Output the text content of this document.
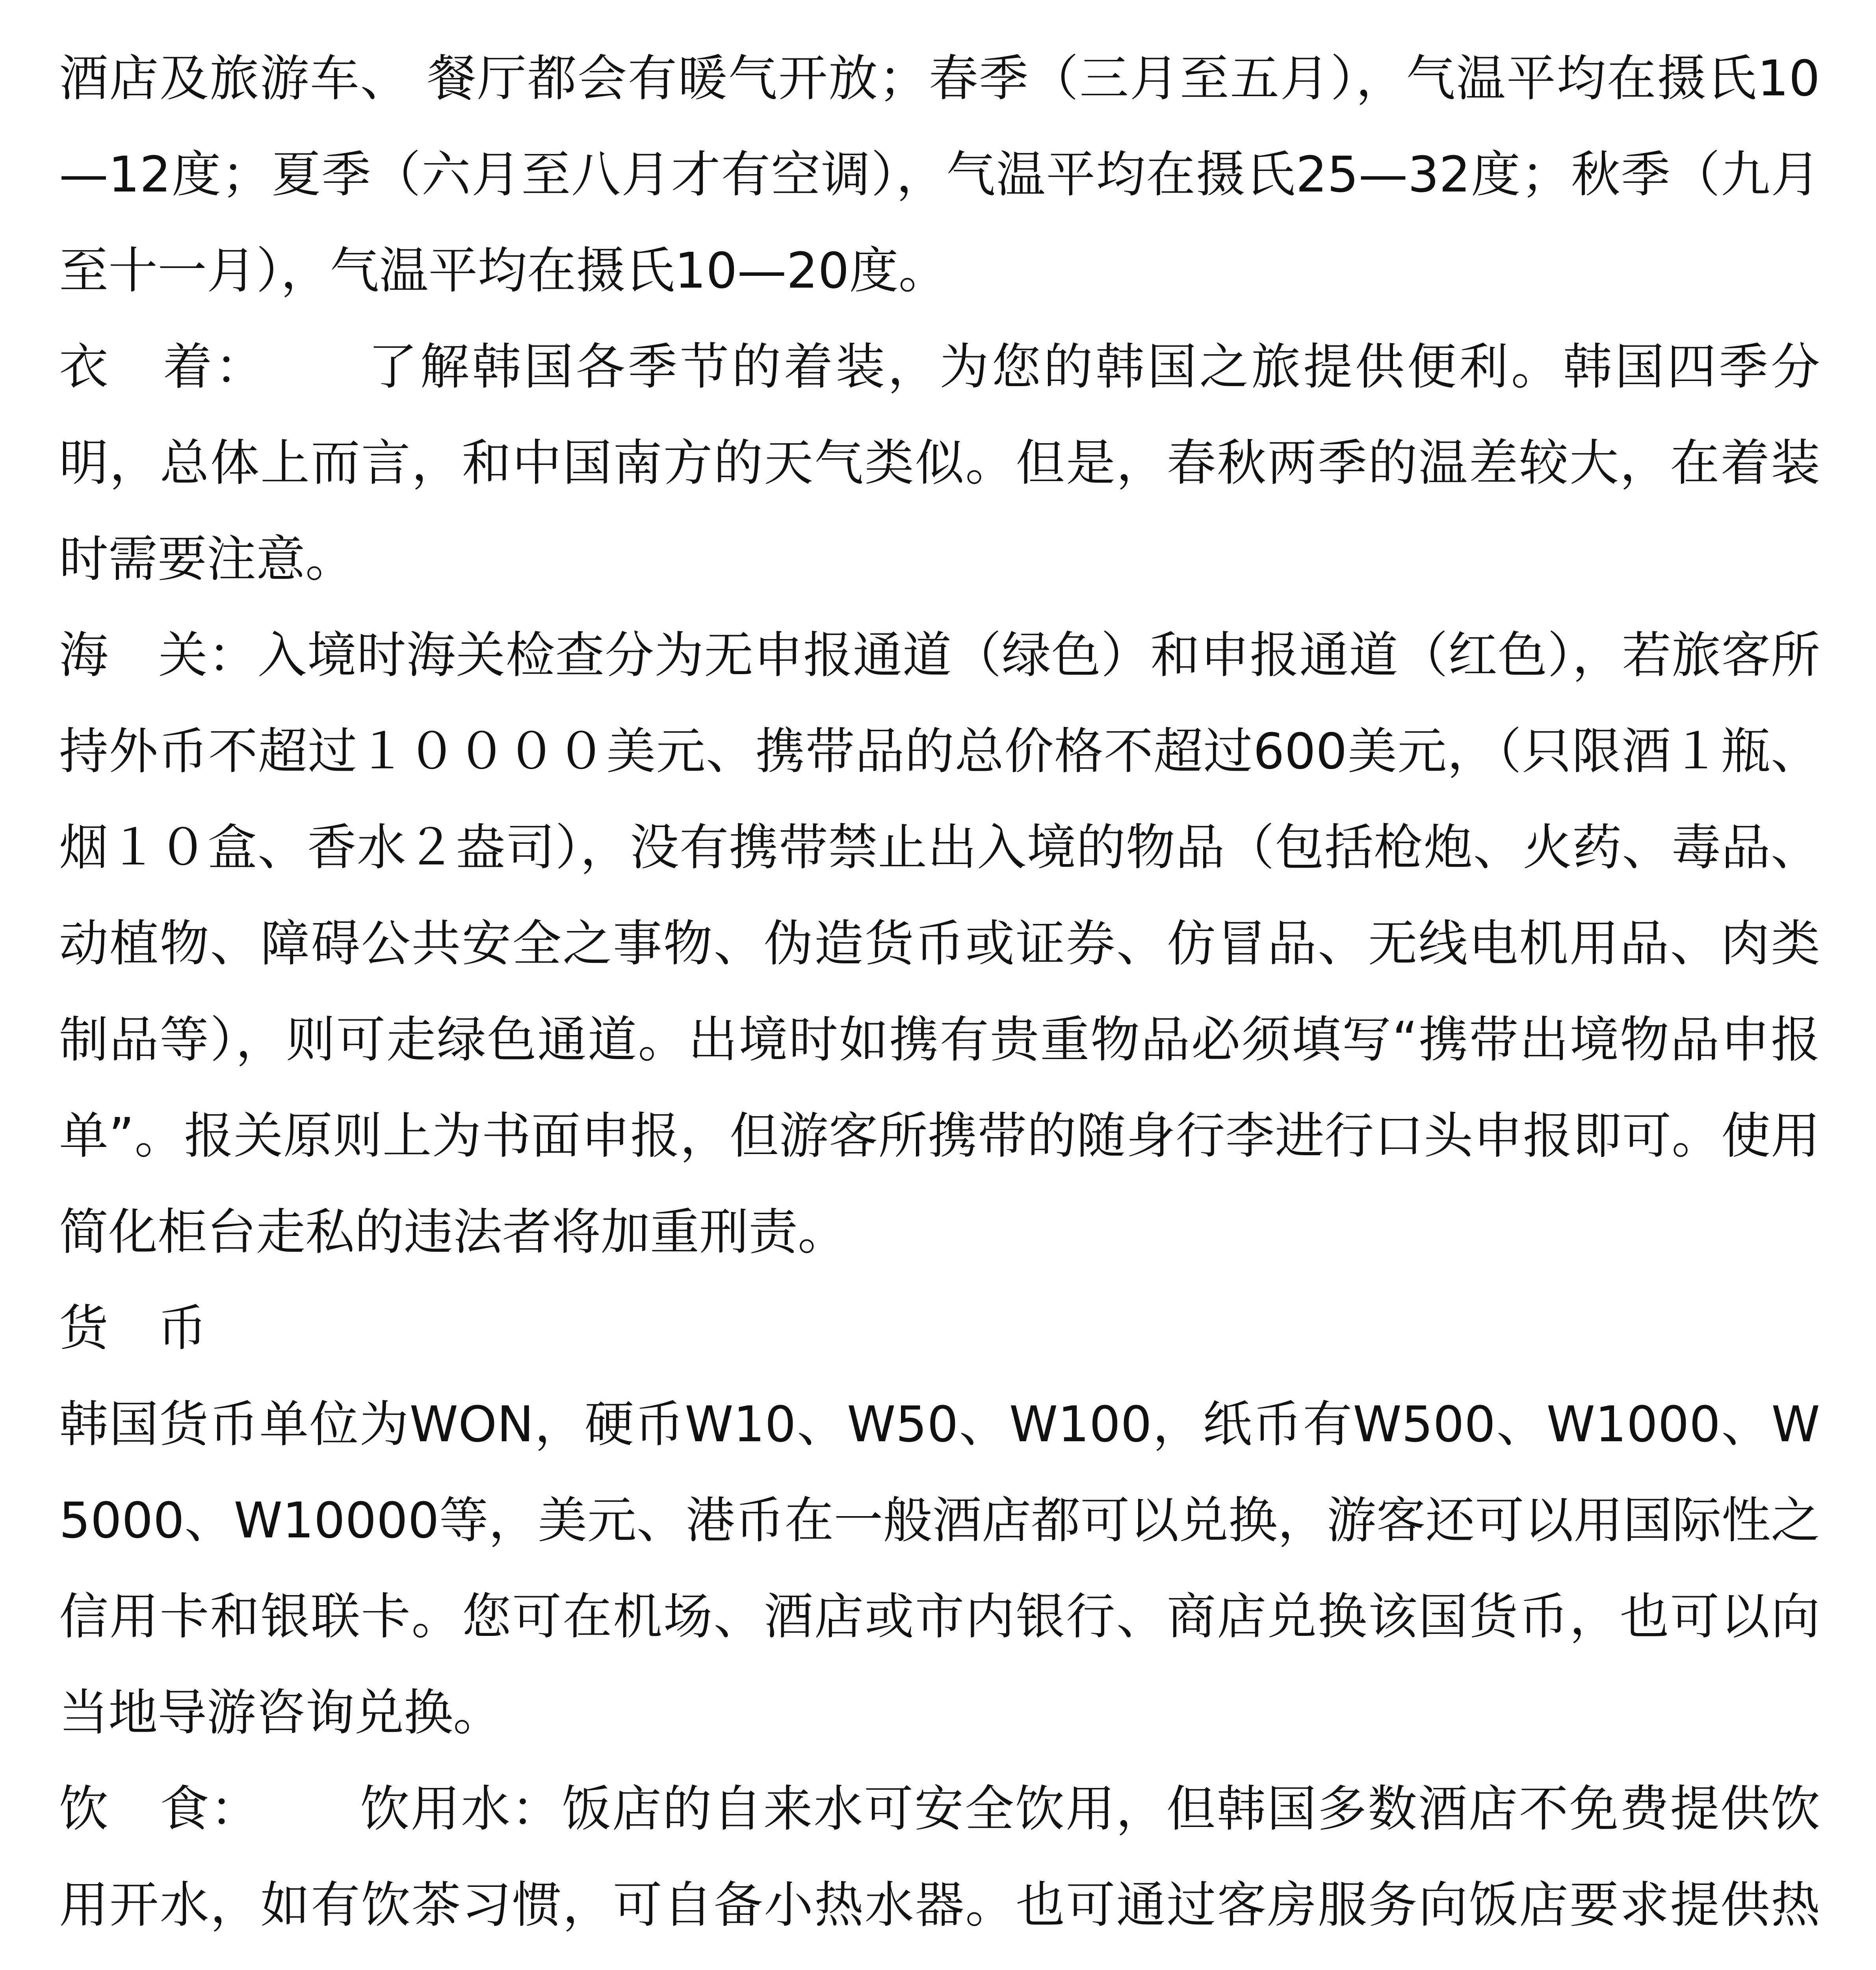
酒店及旅游车、 餐厅都会有暖气开放；春季（三月至五月），气温平均在摄氏10—12度；夏季（六月至八月才有空调），气温平均在摄氏25—32度；秋季（九月至十一月），气温平均在摄氏10—20度。

衣　着： 了解韩国各季节的着装，为您的韩国之旅提供便利。韩国四季分明，总体上而言，和中国南方的天气类似。但是，春秋两季的温差较大，在着装时需要注意。

海　关：入境时海关检查分为无申报通道（绿色）和申报通道（红色），若旅客所持外币不超过１００００美元、携带品的总价格不超过600美元，（只限酒１瓶、烟１０盒、香水２盎司），没有携带禁止出入境的物品（包括枪炮、火药、毒品、动植物、障碍公共安全之事物、伪造货币或证券、仿冒品、无线电机用品、肉类制品等），则可走绿色通道。出境时如携有贵重物品必须填写“携带出境物品申报单”。报关原则上为书面申报，但游客所携带的随身行李进行口头申报即可。使用简化柜台走私的违法者将加重刑责。

货　币

韩国货币单位为WON，硬币W10、W50、W100，纸币有W500、W1000、W5000、W10000等，美元、港币在一般酒店都可以兑换，游客还可以用国际性之信用卡和银联卡。您可在机场、酒店或市内银行、商店兑换该国货币，也可以向当地导游咨询兑换。

饮　食： 饮用水：饭店的自来水可安全饮用，但韩国多数酒店不免费提供饮用开水，如有饮茶习惯，可自备小热水器。也可通过客房服务向饭店要求提供热
